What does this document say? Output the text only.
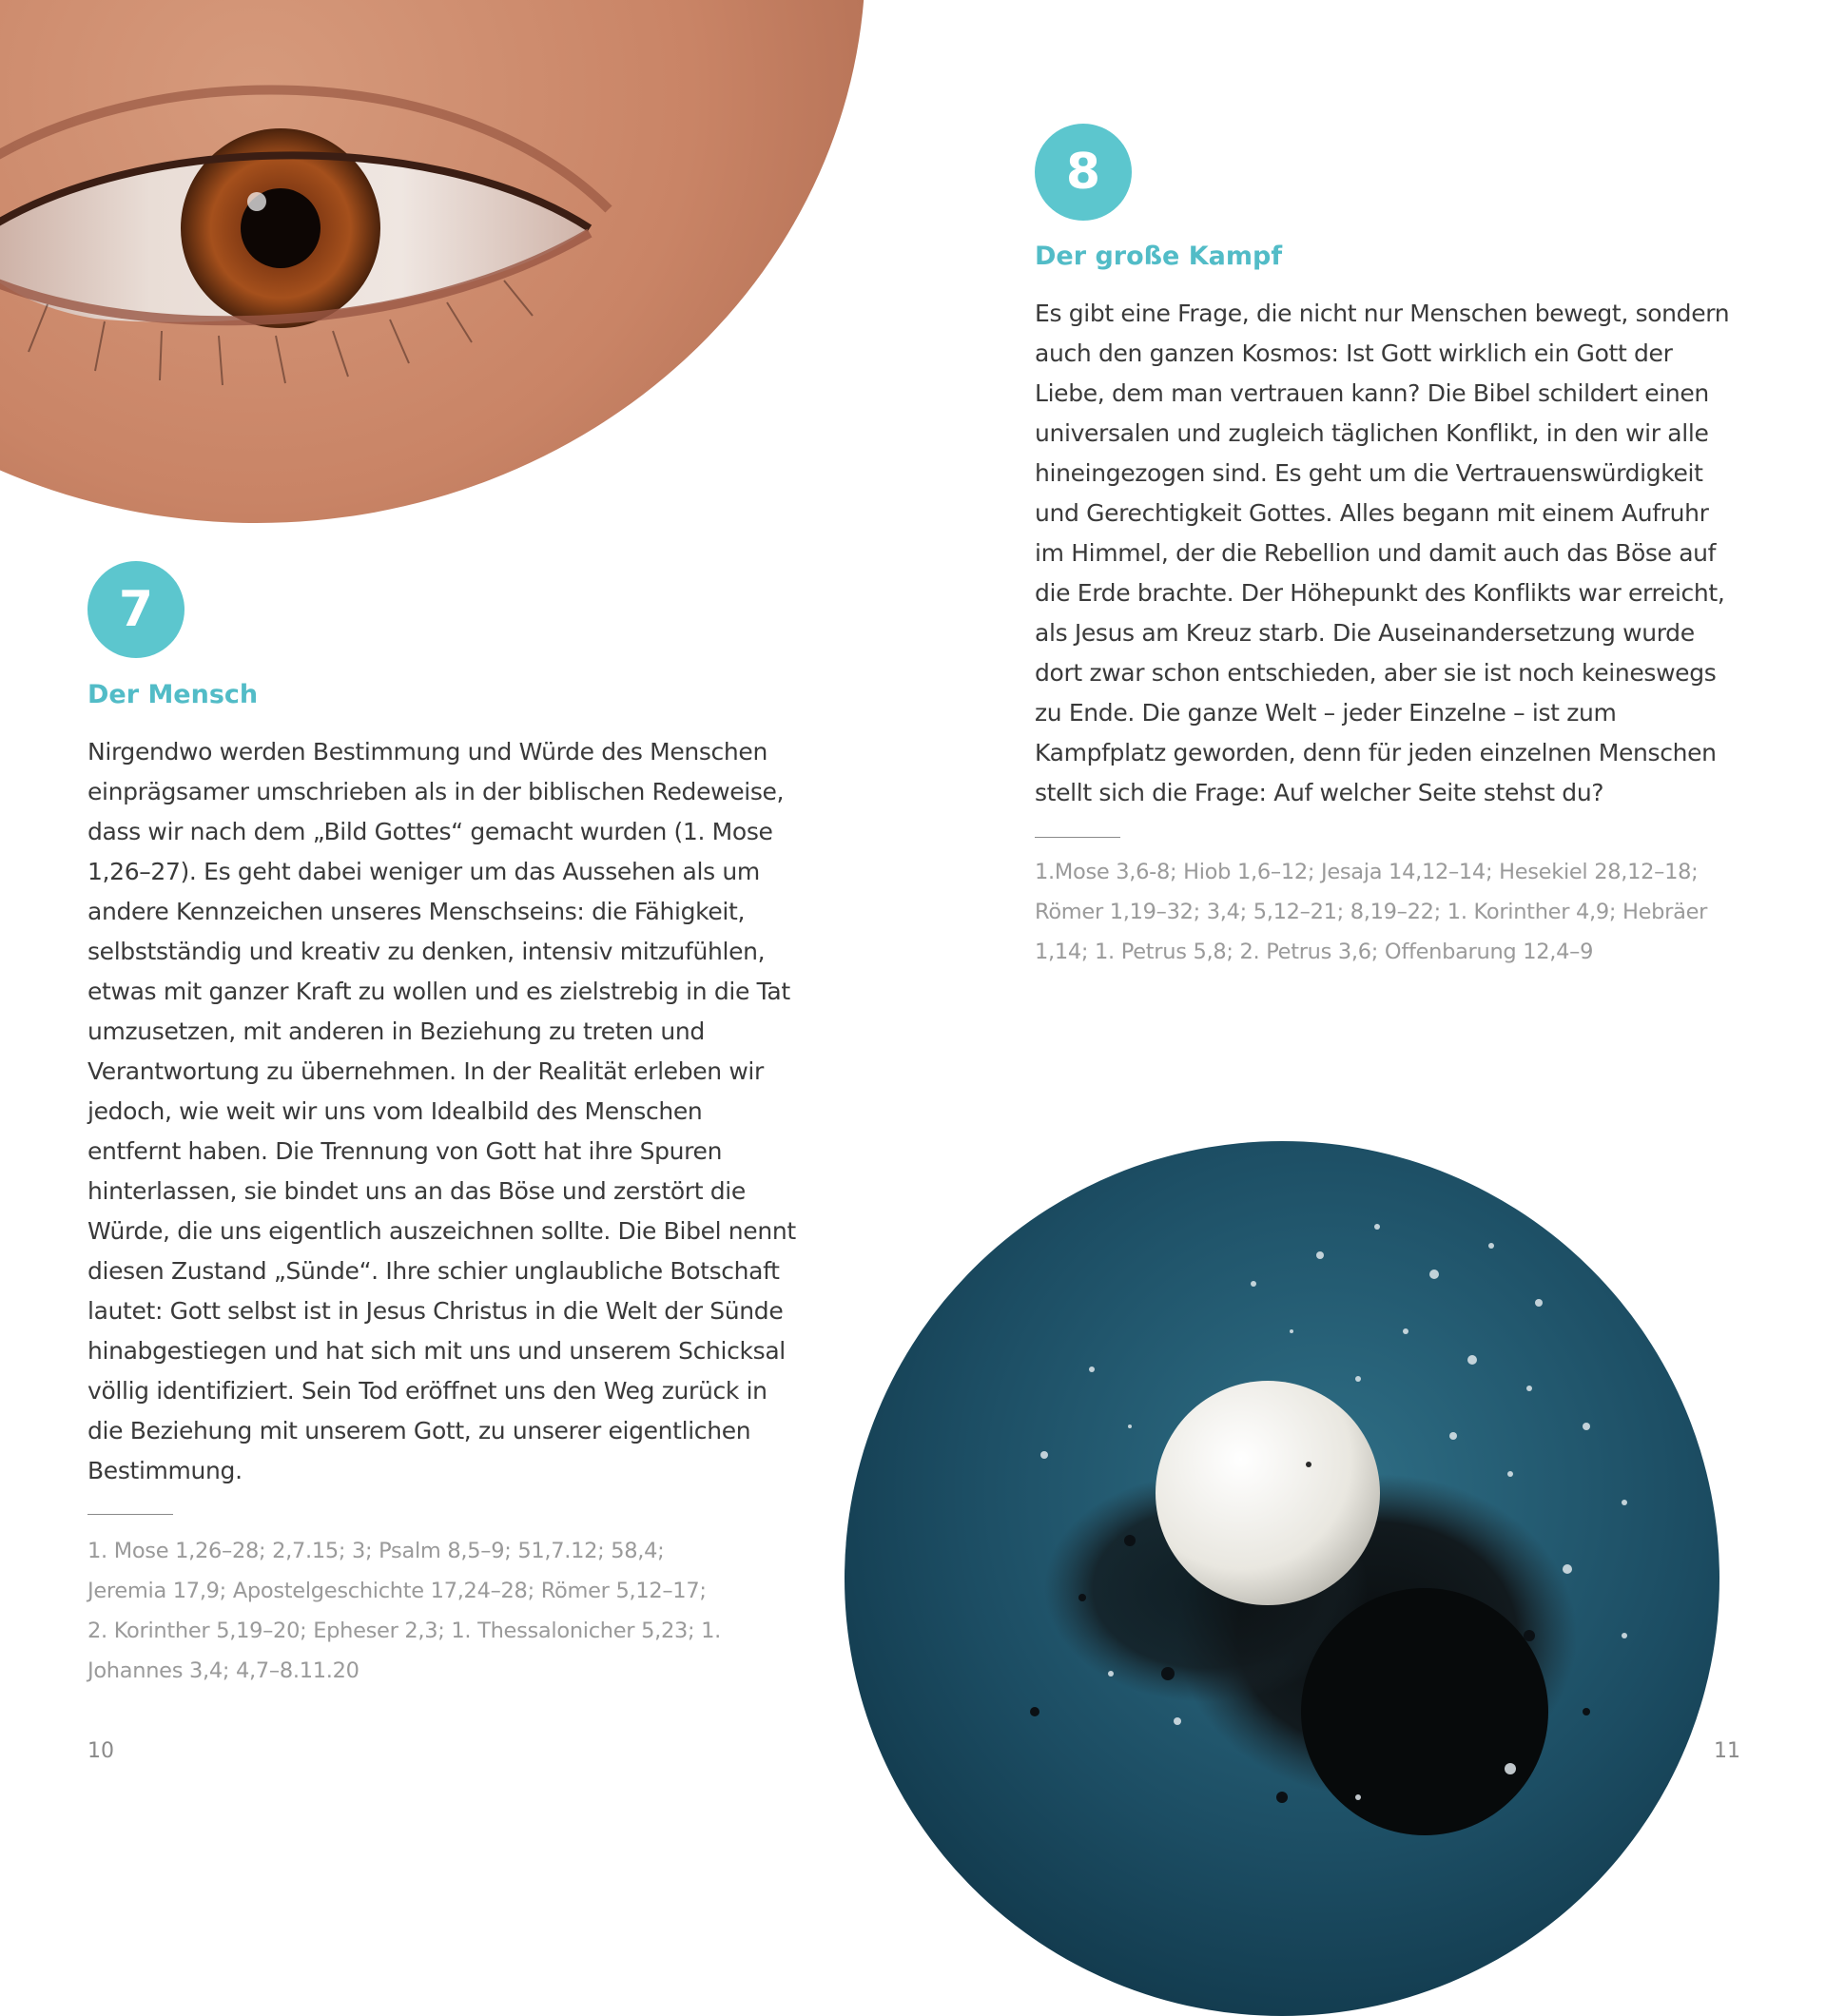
7
Der Mensch

Nirgendwo werden Bestimmung und Würde des Menschen einprägsamer umschrieben als in der biblischen Redeweise, dass wir nach dem „Bild Gottes“ gemacht wurden (1. Mose 1,26–27). Es geht dabei weniger um das Aussehen als um andere Kennzeichen unseres Menschseins: die Fähigkeit, selbstständig und kreativ zu denken, intensiv mitzufühlen, etwas mit ganzer Kraft zu wollen und es zielstrebig in die Tat umzusetzen, mit anderen in Beziehung zu treten und Verantwortung zu übernehmen. In der Realität erleben wir jedoch, wie weit wir uns vom Idealbild des Menschen entfernt haben. Die Trennung von Gott hat ihre Spuren hinterlassen, sie bindet uns an das Böse und zerstört die Würde, die uns eigentlich auszeichnen sollte. Die Bibel nennt diesen Zustand „Sünde“. Ihre schier unglaubliche Botschaft lautet: Gott selbst ist in Jesus Christus in die Welt der Sünde hinabgestiegen und hat sich mit uns und unserem Schicksal völlig identifiziert. Sein Tod eröffnet uns den Weg zurück in die Beziehung mit unserem Gott, zu unserer eigentlichen Bestimmung.

1. Mose 1,26–28; 2,7.15; 3; Psalm 8,5–9; 51,7.12; 58,4; Jeremia 17,9; Apostelgeschichte 17,24–28; Römer 5,12–17; 2. Korinther 5,19–20; Epheser 2,3; 1. Thessalonicher 5,23; 1. Johannes 3,4; 4,7–8.11.20

10
8
Der große Kampf

Es gibt eine Frage, die nicht nur Menschen bewegt, sondern auch den ganzen Kosmos: Ist Gott wirklich ein Gott der Liebe, dem man vertrauen kann? Die Bibel schildert einen universalen und zugleich täglichen Konflikt, in den wir alle hineingezogen sind. Es geht um die Vertrauenswürdigkeit und Gerechtigkeit Gottes. Alles begann mit einem Aufruhr im Himmel, der die Rebellion und damit auch das Böse auf die Erde brachte. Der Höhepunkt des Konflikts war erreicht, als Jesus am Kreuz starb. Die Auseinandersetzung wurde dort zwar schon entschieden, aber sie ist noch keineswegs zu Ende. Die ganze Welt – jeder Einzelne – ist zum Kampfplatz geworden, denn für jeden einzelnen Menschen stellt sich die Frage: Auf welcher Seite stehst du?

1.Mose 3,6-8; Hiob 1,6–12; Jesaja 14,12–14; Hesekiel 28,12–18; Römer 1,19–32; 3,4; 5,12–21; 8,19–22; 1. Korinther 4,9; Hebräer 1,14; 1. Petrus 5,8; 2. Petrus 3,6; Offenbarung 12,4–9

11
